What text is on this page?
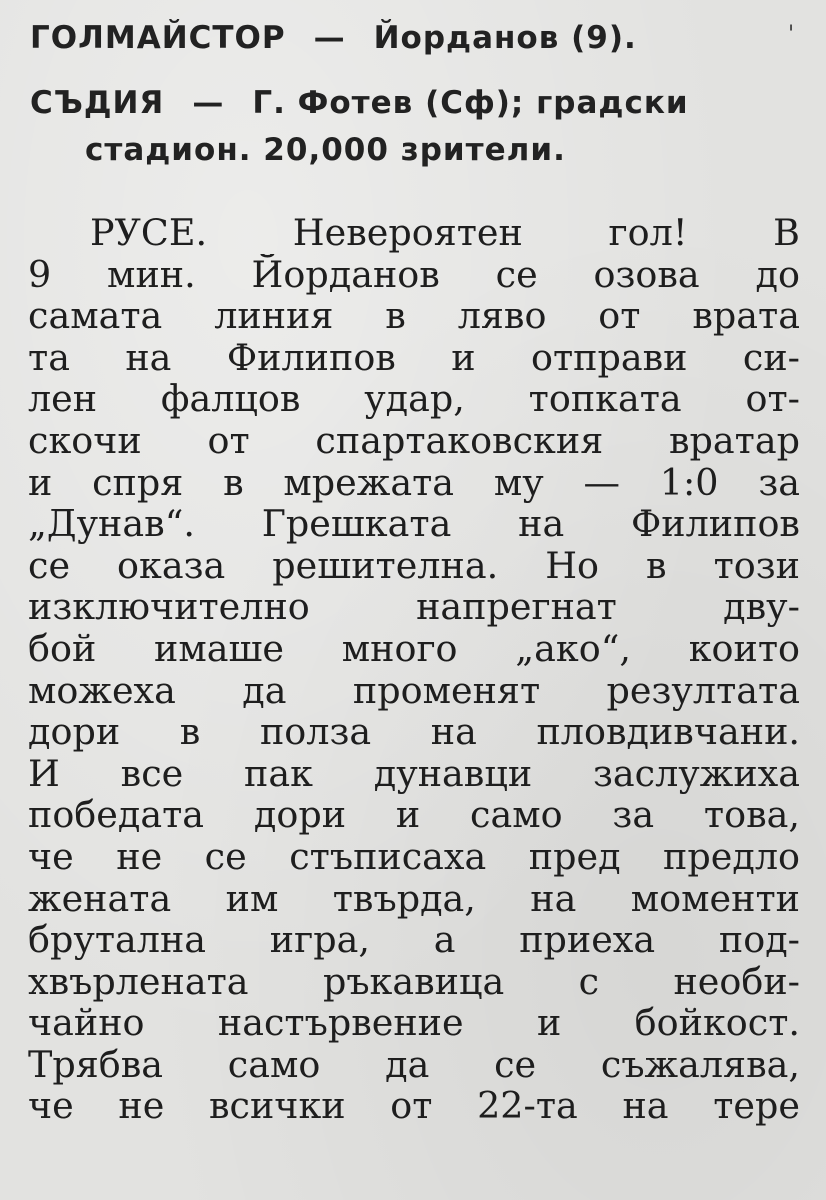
ГОЛМАЙСТОР — Йорданов (9).	'
СЪДИЯ — Г. Фотев (Сф); градски
стадион. 20,000 зрители.
РУСЕ. Невероятен гол! В
9 мин. Йорданов се озова до
самата линия в ляво от врата
та на Филипов и отправи си-
лен фалцов удар, топката от-
скочи от спартаковския вратар
и спря в мрежата му — 1:0 за
„Дунав“. Грешката на Филипов
се оказа решителна. Но в този
изключително напрегнат дву-
бой имаше много „ако“, които
можеха да променят резултата
дори в полза на пловдивчани.
И все пак дунавци заслужиха
победата дори и само за това,
че не се стъписаха пред предло
жената им твърда, на моменти
брутална игра, а приеха под-
хвърлената ръкавица с необи-
чайно настървение и бойкост.
Трябва само да се съжалява,
че не всички от 22-та на тере
